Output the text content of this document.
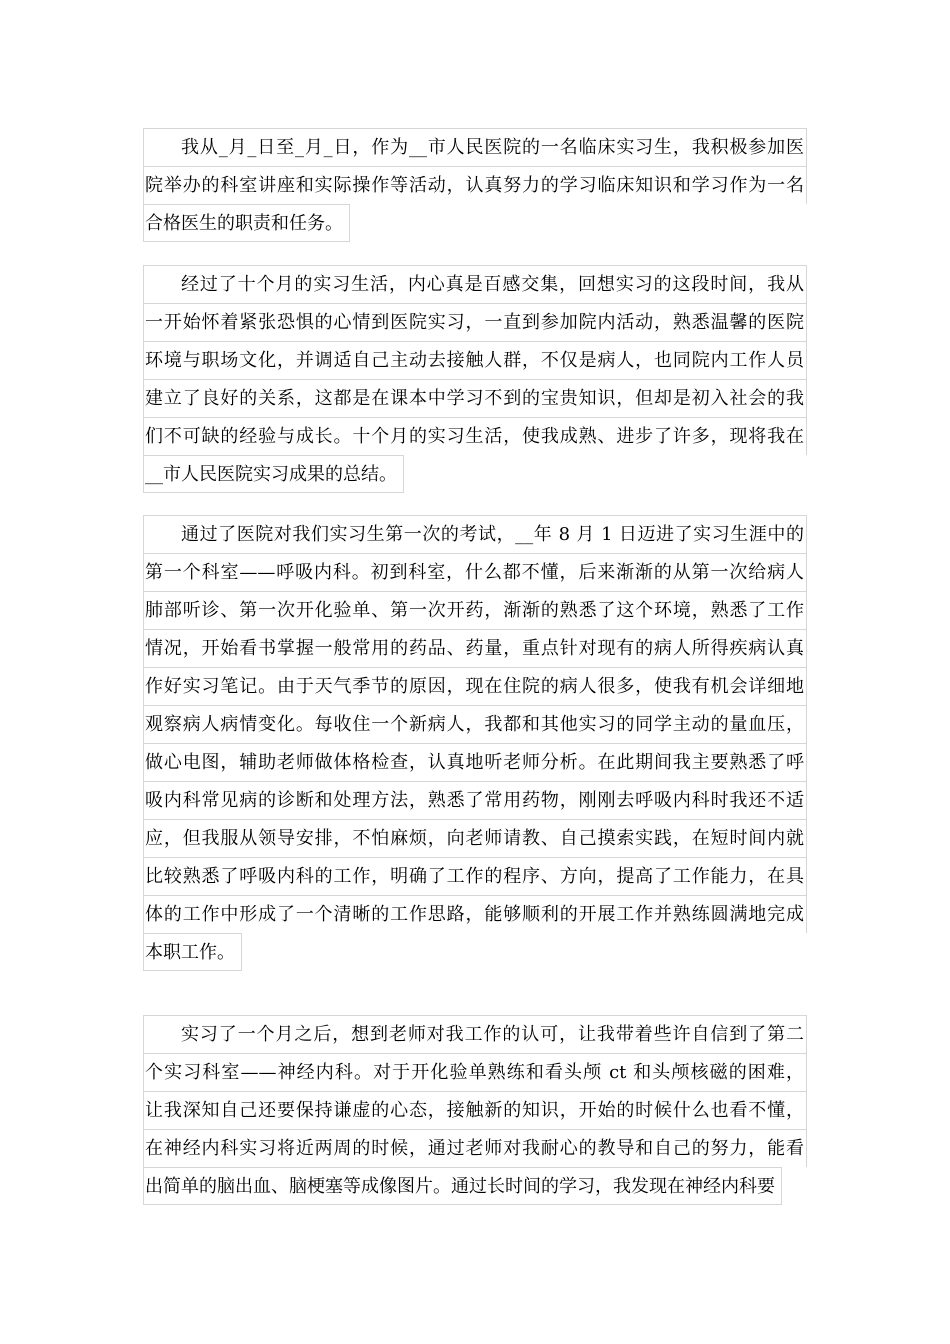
我从_月_日至_月_日，作为__市人民医院的一名临床实习生，我积极参加医
院举办的科室讲座和实际操作等活动，认真努力的学习临床知识和学习作为一名
合格医生的职责和任务。
经过了十个月的实习生活，内心真是百感交集，回想实习的这段时间，我从
一开始怀着紧张恐惧的心情到医院实习，一直到参加院内活动，熟悉温馨的医院
环境与职场文化，并调适自己主动去接触人群，不仅是病人，也同院内工作人员
建立了良好的关系，这都是在课本中学习不到的宝贵知识，但却是初入社会的我
们不可缺的经验与成长。十个月的实习生活，使我成熟、进步了许多，现将我在
__市人民医院实习成果的总结。
通过了医院对我们实习生第一次的考试，__年 8 月 1 日迈进了实习生涯中的
第一个科室——呼吸内科。初到科室，什么都不懂，后来渐渐的从第一次给病人
肺部听诊、第一次开化验单、第一次开药，渐渐的熟悉了这个环境，熟悉了工作
情况，开始看书掌握一般常用的药品、药量，重点针对现有的病人所得疾病认真
作好实习笔记。由于天气季节的原因，现在住院的病人很多，使我有机会详细地
观察病人病情变化。每收住一个新病人，我都和其他实习的同学主动的量血压，
做心电图，辅助老师做体格检查，认真地听老师分析。在此期间我主要熟悉了呼
吸内科常见病的诊断和处理方法，熟悉了常用药物，刚刚去呼吸内科时我还不适
应，但我服从领导安排，不怕麻烦，向老师请教、自己摸索实践，在短时间内就
比较熟悉了呼吸内科的工作，明确了工作的程序、方向，提高了工作能力，在具
体的工作中形成了一个清晰的工作思路，能够顺利的开展工作并熟练圆满地完成
本职工作。
实习了一个月之后，想到老师对我工作的认可，让我带着些许自信到了第二
个实习科室——神经内科。对于开化验单熟练和看头颅 ct 和头颅核磁的困难，
让我深知自己还要保持谦虚的心态，接触新的知识，开始的时候什么也看不懂，
在神经内科实习将近两周的时候，通过老师对我耐心的教导和自己的努力，能看
出简单的脑出血、脑梗塞等成像图片。通过长时间的学习，我发现在神经内科要
